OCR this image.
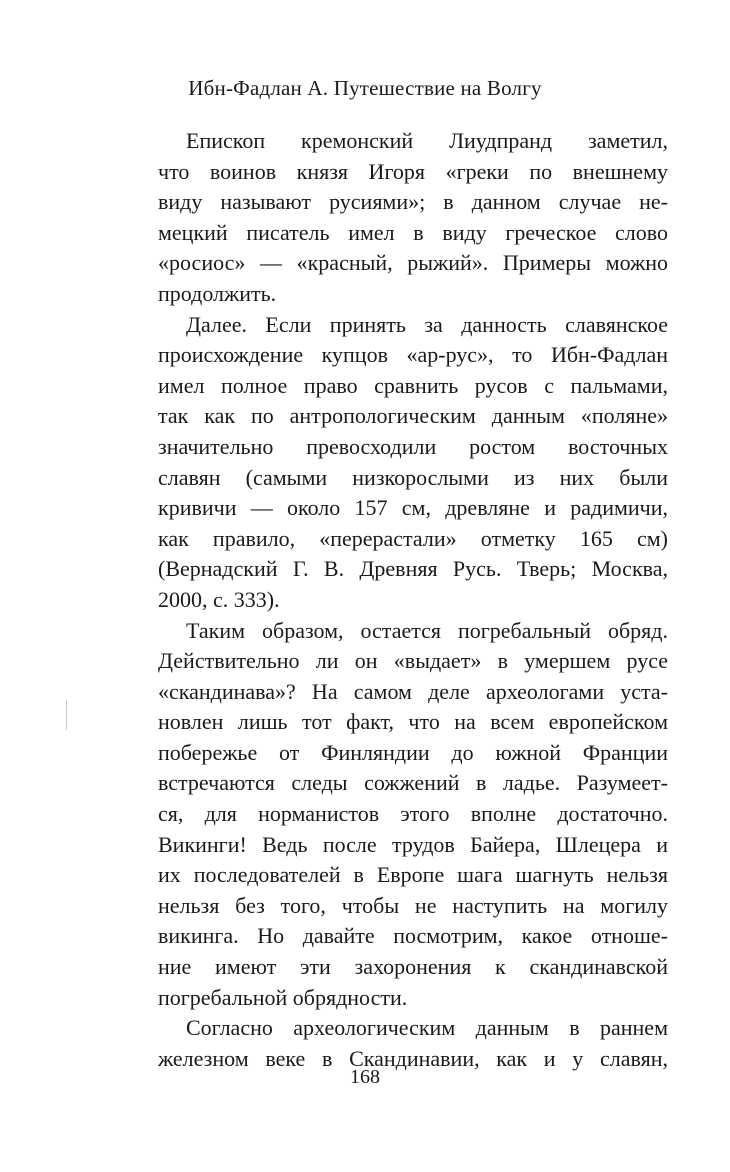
Ибн-Фадлан А. Путешествие на Волгу
Епископ кремонский Лиудпранд заметил,
что воинов князя Игоря «греки по внешнему
виду называют русиями»; в данном случае не-
мецкий писатель имел в виду греческое слово
«росиос» — «красный, рыжий». Примеры можно
продолжить.
Далее. Если принять за данность славянское
происхождение купцов «ар-рус», то Ибн-Фадлан
имел полное право сравнить русов с пальмами,
так как по антропологическим данным «поляне»
значительно превосходили ростом восточных
славян (самыми низкорослыми из них были
кривичи — около 157 см, древляне и радимичи,
как правило, «перерастали» отметку 165 см)
(Вернадский Г. В. Древняя Русь. Тверь; Москва,
2000, с. 333).
Таким образом, остается погребальный обряд.
Действительно ли он «выдает» в умершем русе
«скандинава»? На самом деле археологами уста-
новлен лишь тот факт, что на всем европейском
побережье от Финляндии до южной Франции
встречаются следы сожжений в ладье. Разумеет-
ся, для норманистов этого вполне достаточно.
Викинги! Ведь после трудов Байера, Шлецера и
их последователей в Европе шага шагнуть нельзя
нельзя без того, чтобы не наступить на могилу
викинга. Но давайте посмотрим, какое отноше-
ние имеют эти захоронения к скандинавской
погребальной обрядности.
Согласно археологическим данным в раннем
железном веке в Скандинавии, как и у славян,
168
